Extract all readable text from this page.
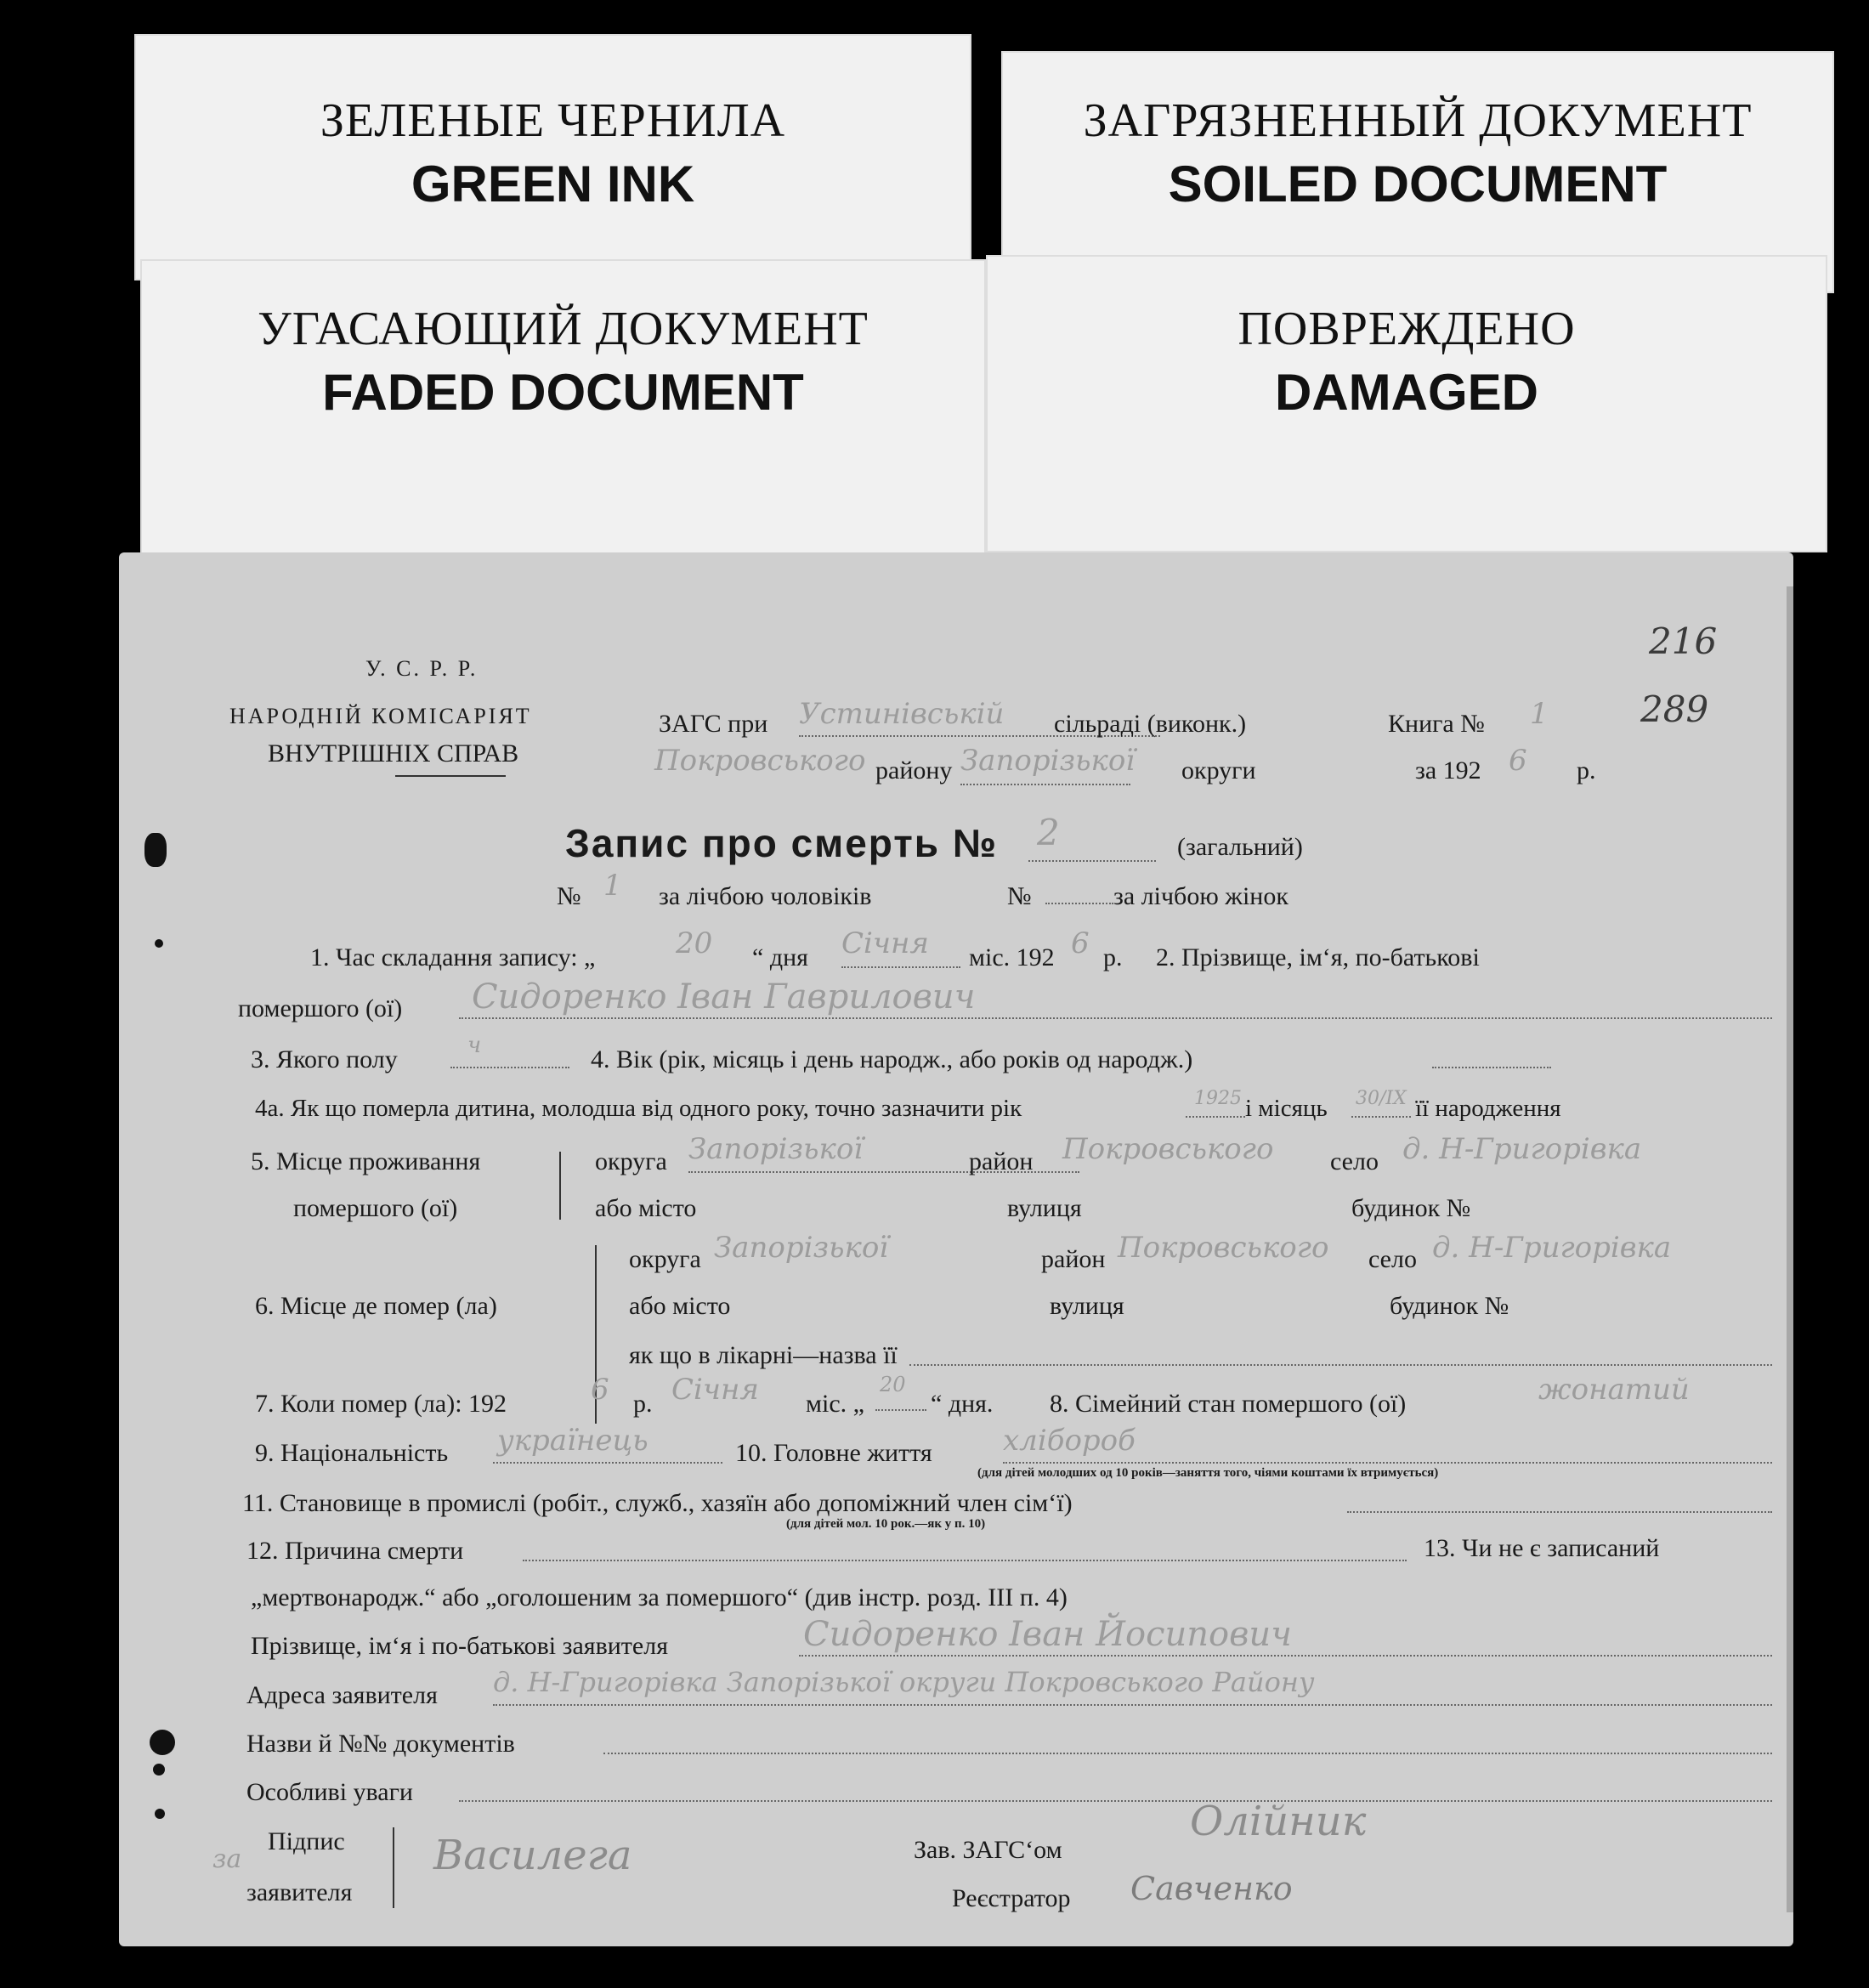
ЗЕЛЕНЫЕ ЧЕРНИЛА
GREEN INK
ЗАГРЯЗНЕННЫЙ ДОКУМЕНТ
SOILED DOCUMENT
УГАСАЮЩИЙ ДОКУМЕНТ
FADED DOCUMENT
ПОВРЕЖДЕНО
DAMAGED
216
289
У. С. Р. Р.
НАРОДНІЙ КОМІСАРІЯТ
ВНУТРІШНІХ СПРАВ
ЗАГС при Устинівській сільраді (виконк.)	Книга № 1
Покровського району Запорізької округи	за 192 6 р.
Запис про смерть № 2	(загальний)
№ 1 за лічбою чоловіків	№	за лічбою жінок
1. Час складання запису: „	20 “ дня Січня міс. 192 6 р. 2. Прізвище, ім‘я, по-батькові
помершого (ої) Сидоренко Іван Гаврилович
3. Якого полу	ч	4. Вік (рік, місяць і день народж., або років од народж.)
4а. Як що померла дитина, молодша від одного року, точно зазначити рік	1925 і місяць 30/ІХ її народження
5. Місце проживання
помершого (ої)
округа Запорізької	район Покровського село д. Н-Григорівка
або місто	вулиця	будинок №
6. Місце де помер (ла)
округа Запорізької	район Покровського село д. Н-Григорівка
або місто	вулиця	будинок №
як що в лікарні—назва її
7. Коли помер (ла): 192	6 р. Січня міс. „
20
“ дня. 8. Сімейний стан помершого (ої)	жонатий
9. Національність українець	10. Головне життя хлібороб
(для дітей молодших од 10 років—заняття того, чіями коштами їх втримується)
11. Становище в промислі (робіт., служб., хазяїн або допоміжний член сім‘ї)
(для дітей мол. 10 рок.—як у п. 10)
12. Причина смерти	13. Чи не є записаний
„мертвонародж.“ або „оголошеним за помершого“ (див інстр. розд. III п. 4)
Прізвище, ім‘я і по-батькові заявителя	Сидоренко Іван Йосипович
Адреса заявителя д. Н-Григорівка Запорізької округи Покровського Району
Назви й №№ документів
Особливі уваги
за
Підпис
заявителя
Василега	Зав. ЗАГС‘ом
Олійник
Реєстратор Савченко
